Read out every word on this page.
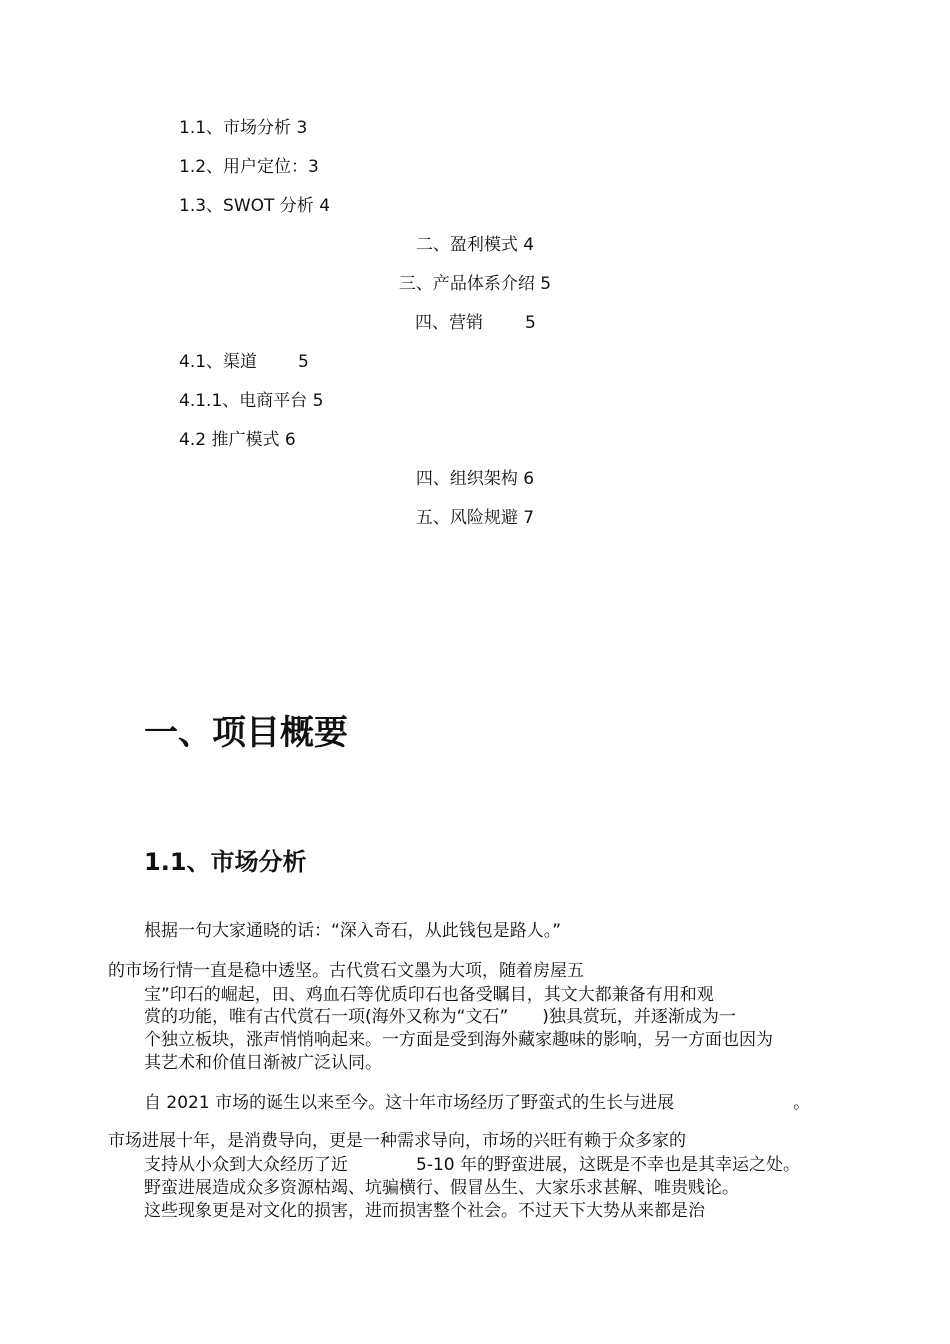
1.1、市场分析 3
1.2、用户定位：3
1.3、SWOT 分析 4
二、盈利模式 4
三、产品体系介绍 5
四、营销 5
4.1、渠道 5
4.1.1、电商平台 5
4.2 推广模式 6
四、组织架构 6
五、风险规避 7
一、项目概要
1.1、市场分析
根据一句大家通晓的话：“深入奇石，从此钱包是路人。”
的市场行情一直是稳中透坚。古代赏石文墨为大项，随着房屋五
宝”印石的崛起，田、鸡血石等优质印石也备受瞩目，其文大都兼备有用和观
赏的功能，唯有古代赏石一项(海外又称为“文石”　　)独具赏玩，并逐渐成为一
个独立板块，涨声悄悄响起来。一方面是受到海外藏家趣味的影响，另一方面也因为
其艺术和价值日渐被广泛认同。
自 2021 市场的诞生以来至今。这十年市场经历了野蛮式的生长与进展　　　　　　　。
市场进展十年，是消费导向，更是一种需求导向，市场的兴旺有赖于众多家的
支持从小众到大众经历了近　　　　5-10 年的野蛮进展，这既是不幸也是其幸运之处。
野蛮进展造成众多资源枯竭、坑骗横行、假冒丛生、大家乐求甚解、唯贵贱论。
这些现象更是对文化的损害，进而损害整个社会。不过天下大势从来都是治
